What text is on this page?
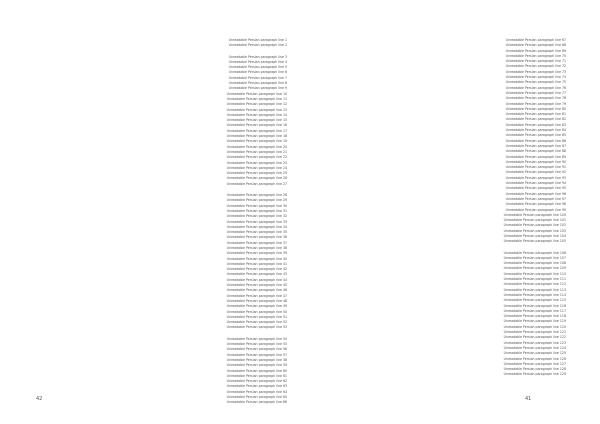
Unreadable Persian paragraph line 1
Unreadable Persian paragraph line 2
Unreadable Persian paragraph line 3
Unreadable Persian paragraph line 4
Unreadable Persian paragraph line 5
Unreadable Persian paragraph line 6
Unreadable Persian paragraph line 7
Unreadable Persian paragraph line 8
Unreadable Persian paragraph line 9
Unreadable Persian paragraph line 10
Unreadable Persian paragraph line 11
Unreadable Persian paragraph line 12
Unreadable Persian paragraph line 13
Unreadable Persian paragraph line 14
Unreadable Persian paragraph line 15
Unreadable Persian paragraph line 16
Unreadable Persian paragraph line 17
Unreadable Persian paragraph line 18
Unreadable Persian paragraph line 19
Unreadable Persian paragraph line 20
Unreadable Persian paragraph line 21
Unreadable Persian paragraph line 22
Unreadable Persian paragraph line 23
Unreadable Persian paragraph line 24
Unreadable Persian paragraph line 25
Unreadable Persian paragraph line 26
Unreadable Persian paragraph line 27
Unreadable Persian paragraph line 28
Unreadable Persian paragraph line 29
Unreadable Persian paragraph line 30
Unreadable Persian paragraph line 31
Unreadable Persian paragraph line 32
Unreadable Persian paragraph line 33
Unreadable Persian paragraph line 34
Unreadable Persian paragraph line 35
Unreadable Persian paragraph line 36
Unreadable Persian paragraph line 37
Unreadable Persian paragraph line 38
Unreadable Persian paragraph line 39
Unreadable Persian paragraph line 40
Unreadable Persian paragraph line 41
Unreadable Persian paragraph line 42
Unreadable Persian paragraph line 43
Unreadable Persian paragraph line 44
Unreadable Persian paragraph line 45
Unreadable Persian paragraph line 46
Unreadable Persian paragraph line 47
Unreadable Persian paragraph line 48
Unreadable Persian paragraph line 49
Unreadable Persian paragraph line 50
Unreadable Persian paragraph line 51
Unreadable Persian paragraph line 52
Unreadable Persian paragraph line 53
Unreadable Persian paragraph line 54
Unreadable Persian paragraph line 55
Unreadable Persian paragraph line 56
Unreadable Persian paragraph line 57
Unreadable Persian paragraph line 58
Unreadable Persian paragraph line 59
Unreadable Persian paragraph line 60
Unreadable Persian paragraph line 61
Unreadable Persian paragraph line 62
Unreadable Persian paragraph line 63
Unreadable Persian paragraph line 64
Unreadable Persian paragraph line 65
Unreadable Persian paragraph line 66
Unreadable Persian paragraph line 67
Unreadable Persian paragraph line 68
Unreadable Persian paragraph line 69
Unreadable Persian paragraph line 70
Unreadable Persian paragraph line 71
Unreadable Persian paragraph line 72
Unreadable Persian paragraph line 73
Unreadable Persian paragraph line 74
Unreadable Persian paragraph line 75
Unreadable Persian paragraph line 76
Unreadable Persian paragraph line 77
Unreadable Persian paragraph line 78
Unreadable Persian paragraph line 79
Unreadable Persian paragraph line 80
Unreadable Persian paragraph line 81
Unreadable Persian paragraph line 82
Unreadable Persian paragraph line 83
Unreadable Persian paragraph line 84
Unreadable Persian paragraph line 85
Unreadable Persian paragraph line 86
Unreadable Persian paragraph line 87
Unreadable Persian paragraph line 88
Unreadable Persian paragraph line 89
Unreadable Persian paragraph line 90
Unreadable Persian paragraph line 91
Unreadable Persian paragraph line 92
Unreadable Persian paragraph line 93
Unreadable Persian paragraph line 94
Unreadable Persian paragraph line 95
Unreadable Persian paragraph line 96
Unreadable Persian paragraph line 97
Unreadable Persian paragraph line 98
Unreadable Persian paragraph line 99
Unreadable Persian paragraph line 100
Unreadable Persian paragraph line 101
Unreadable Persian paragraph line 102
Unreadable Persian paragraph line 103
Unreadable Persian paragraph line 104
Unreadable Persian paragraph line 105
Unreadable Persian paragraph line 106
Unreadable Persian paragraph line 107
Unreadable Persian paragraph line 108
Unreadable Persian paragraph line 109
Unreadable Persian paragraph line 110
Unreadable Persian paragraph line 111
Unreadable Persian paragraph line 112
Unreadable Persian paragraph line 113
Unreadable Persian paragraph line 114
Unreadable Persian paragraph line 115
Unreadable Persian paragraph line 116
Unreadable Persian paragraph line 117
Unreadable Persian paragraph line 118
Unreadable Persian paragraph line 119
Unreadable Persian paragraph line 120
Unreadable Persian paragraph line 121
Unreadable Persian paragraph line 122
Unreadable Persian paragraph line 123
Unreadable Persian paragraph line 124
Unreadable Persian paragraph line 125
Unreadable Persian paragraph line 126
Unreadable Persian paragraph line 127
Unreadable Persian paragraph line 128
Unreadable Persian paragraph line 129
42	41
